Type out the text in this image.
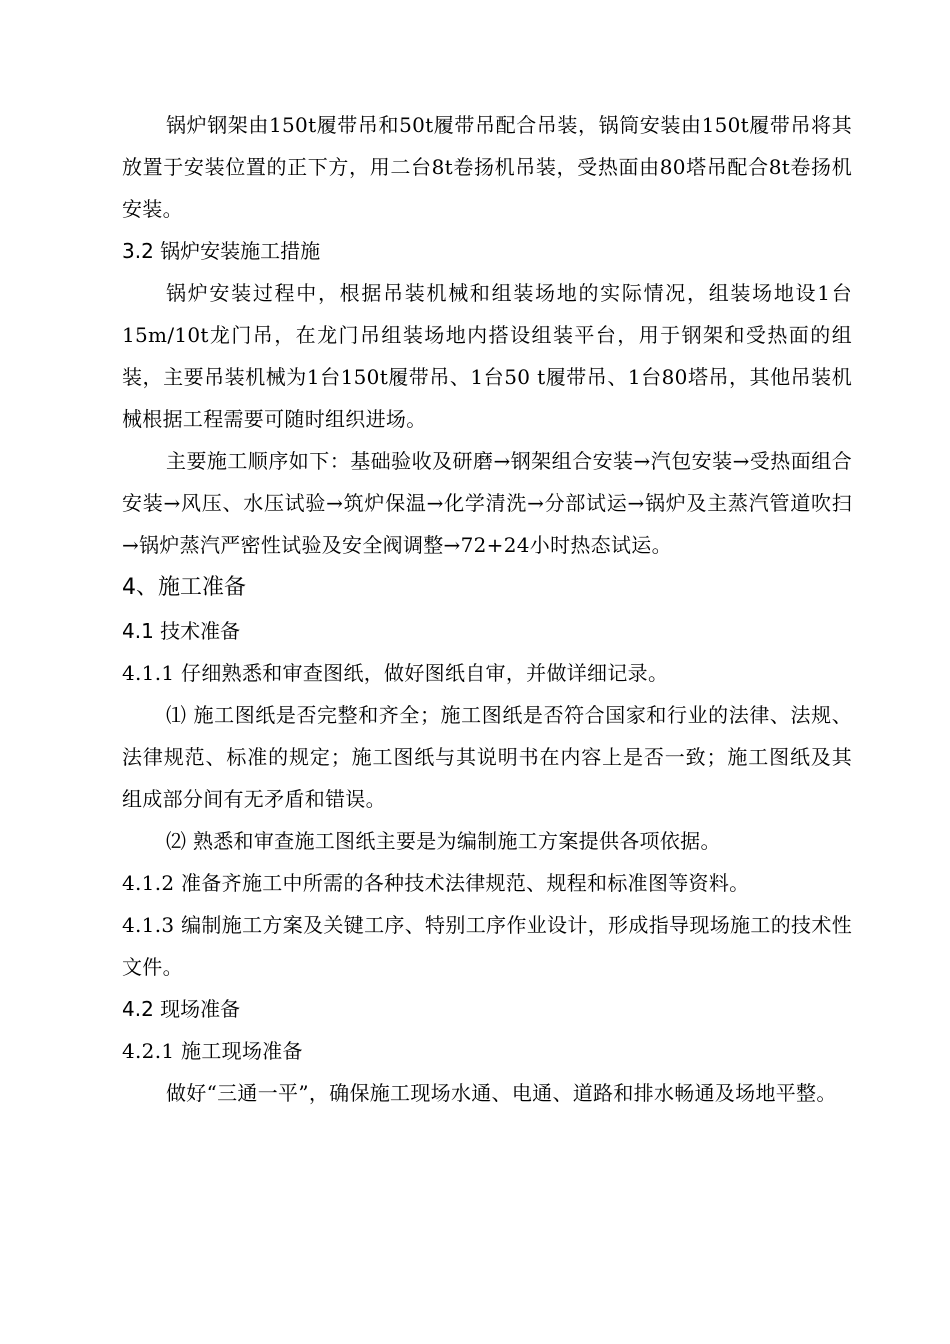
锅炉钢架由150t履带吊和50t履带吊配合吊装，锅筒安装由150t履带吊将其放置于安装位置的正下方，用二台8t卷扬机吊装，受热面由80塔吊配合8t卷扬机安装。

3.2 锅炉安装施工措施

锅炉安装过程中，根据吊装机械和组装场地的实际情况，组装场地设1台15m/10t龙门吊，在龙门吊组装场地内搭设组装平台，用于钢架和受热面的组装，主要吊装机械为1台150t履带吊、1台50 t履带吊、1台80塔吊，其他吊装机械根据工程需要可随时组织进场。

主要施工顺序如下：基础验收及研磨→钢架组合安装→汽包安装→受热面组合安装→风压、水压试验→筑炉保温→化学清洗→分部试运→锅炉及主蒸汽管道吹扫→锅炉蒸汽严密性试验及安全阀调整→72+24小时热态试运。

4、施工准备
4.1 技术准备

4.1.1 仔细熟悉和审查图纸，做好图纸自审，并做详细记录。

⑴ 施工图纸是否完整和齐全；施工图纸是否符合国家和行业的法律、法规、法律规范、标准的规定；施工图纸与其说明书在内容上是否一致；施工图纸及其组成部分间有无矛盾和错误。

⑵ 熟悉和审查施工图纸主要是为编制施工方案提供各项依据。

4.1.2 准备齐施工中所需的各种技术法律规范、规程和标准图等资料。

4.1.3 编制施工方案及关键工序、特别工序作业设计，形成指导现场施工的技术性文件。

4.2 现场准备

4.2.1 施工现场准备

做好“三通一平”，确保施工现场水通、电通、道路和排水畅通及场地平整。
